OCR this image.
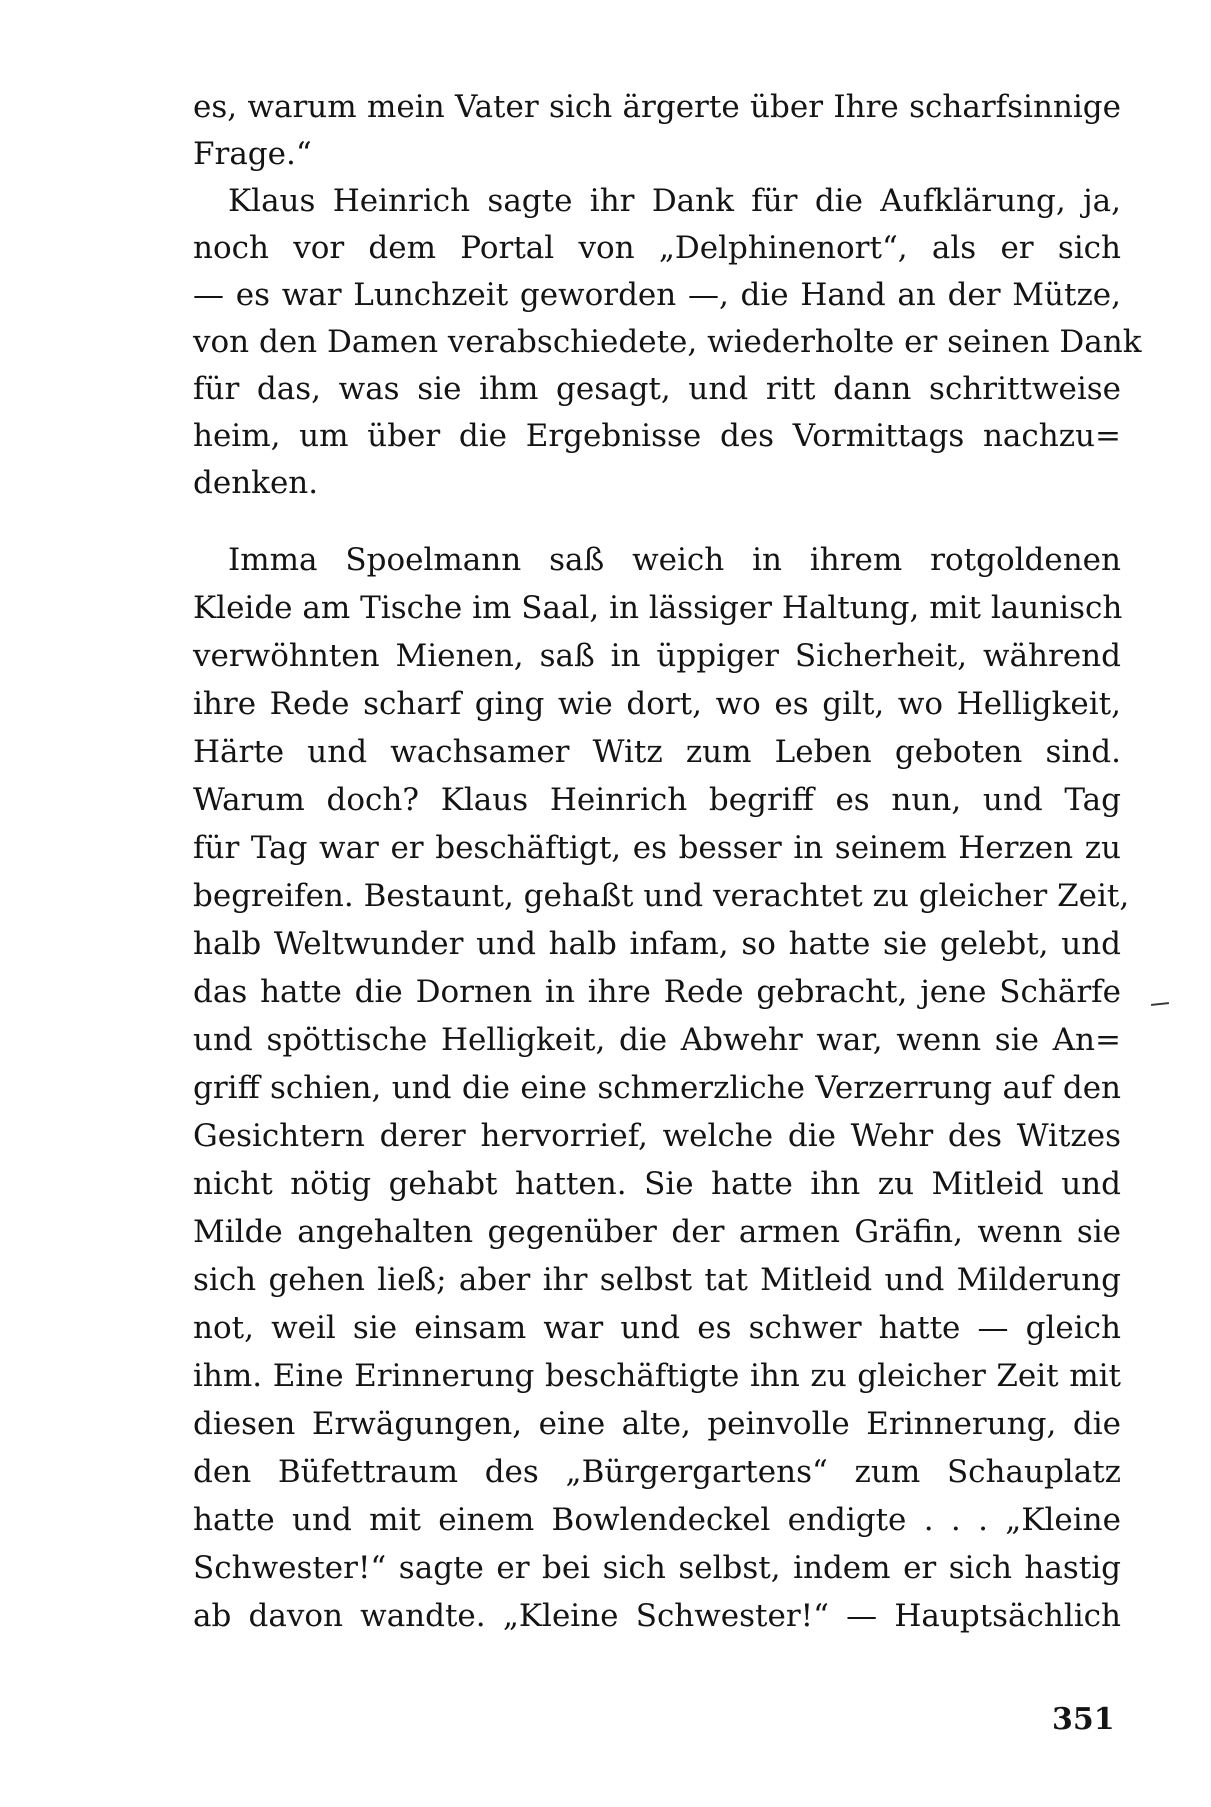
es, warum mein Vater sich ärgerte über Ihre scharfsinnige
Frage.“
Klaus Heinrich sagte ihr Dank für die Aufklärung, ja,
noch vor dem Portal von „Delphinenort“, als er sich
— es war Lunchzeit geworden —, die Hand an der Mütze,
von den Damen verabschiedete, wiederholte er seinen Dank
für das, was sie ihm gesagt, und ritt dann schrittweise
heim, um über die Ergebnisse des Vormittags nachzu=
denken.
Imma Spoelmann saß weich in ihrem rotgoldenen
Kleide am Tische im Saal, in lässiger Haltung, mit launisch
verwöhnten Mienen, saß in üppiger Sicherheit, während
ihre Rede scharf ging wie dort, wo es gilt, wo Helligkeit,
Härte und wachsamer Witz zum Leben geboten sind.
Warum doch? Klaus Heinrich begriff es nun, und Tag
für Tag war er beschäftigt, es besser in seinem Herzen zu
begreifen. Bestaunt, gehaßt und verachtet zu gleicher Zeit,
halb Weltwunder und halb infam, so hatte sie gelebt, und
das hatte die Dornen in ihre Rede gebracht, jene Schärfe
und spöttische Helligkeit, die Abwehr war, wenn sie An=
griff schien, und die eine schmerzliche Verzerrung auf den
Gesichtern derer hervorrief, welche die Wehr des Witzes
nicht nötig gehabt hatten. Sie hatte ihn zu Mitleid und
Milde angehalten gegenüber der armen Gräfin, wenn sie
sich gehen ließ; aber ihr selbst tat Mitleid und Milderung
not, weil sie einsam war und es schwer hatte — gleich
ihm. Eine Erinnerung beschäftigte ihn zu gleicher Zeit mit
diesen Erwägungen, eine alte, peinvolle Erinnerung, die
den Büfettraum des „Bürgergartens“ zum Schauplatz
hatte und mit einem Bowlendeckel endigte . . . „Kleine
Schwester!“ sagte er bei sich selbst, indem er sich hastig
ab davon wandte. „Kleine Schwester!“ — Hauptsächlich
351
